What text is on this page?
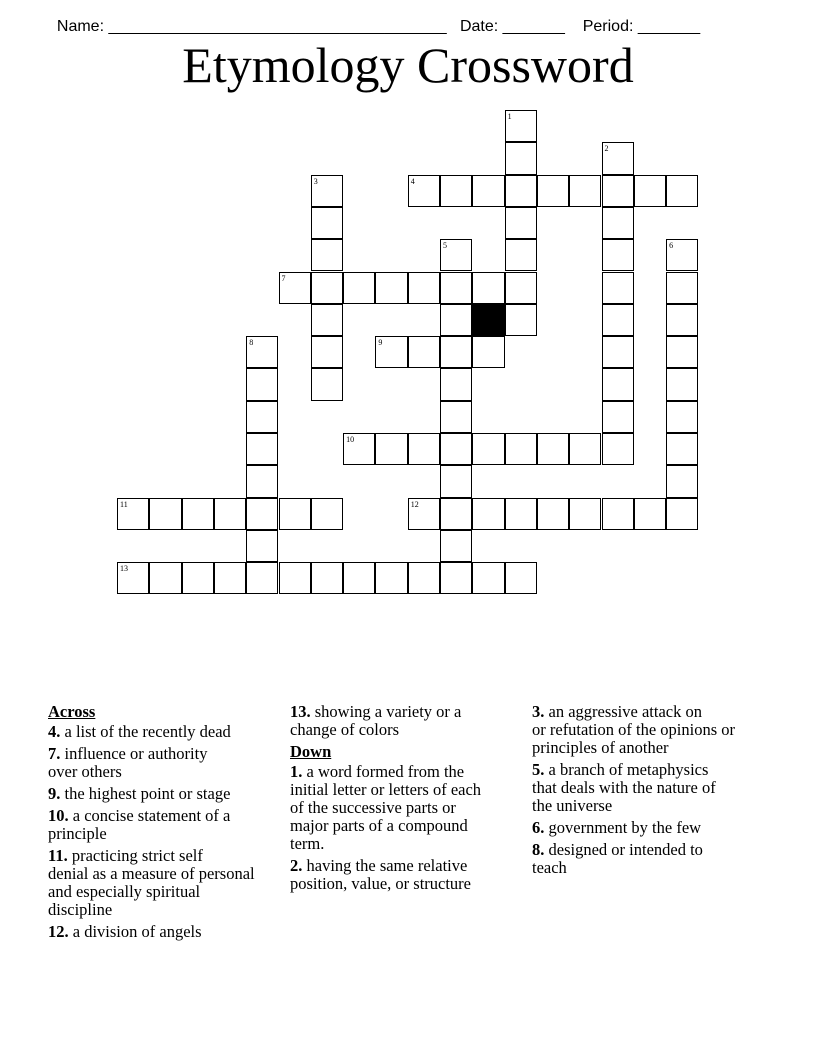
Name: ______________________________________ Date: _______ Period: _______

Etymology Crossword
1
2
3	4
5	6
7
8	9
10
11	12
13
Across
4. a list of the recently dead
7. influence or authority
over others
9. the highest point or stage
10. a concise statement of a
principle
11. practicing strict self
denial as a measure of personal
and especially spiritual
discipline
12. a division of angels
13. showing a variety or a
change of colors
Down
1. a word formed from the
initial letter or letters of each
of the successive parts or
major parts of a compound
term.
2. having the same relative
position, value, or structure
3. an aggressive attack on
or refutation of the opinions or
principles of another
5. a branch of metaphysics
that deals with the nature of
the universe
6. government by the few
8. designed or intended to
teach
